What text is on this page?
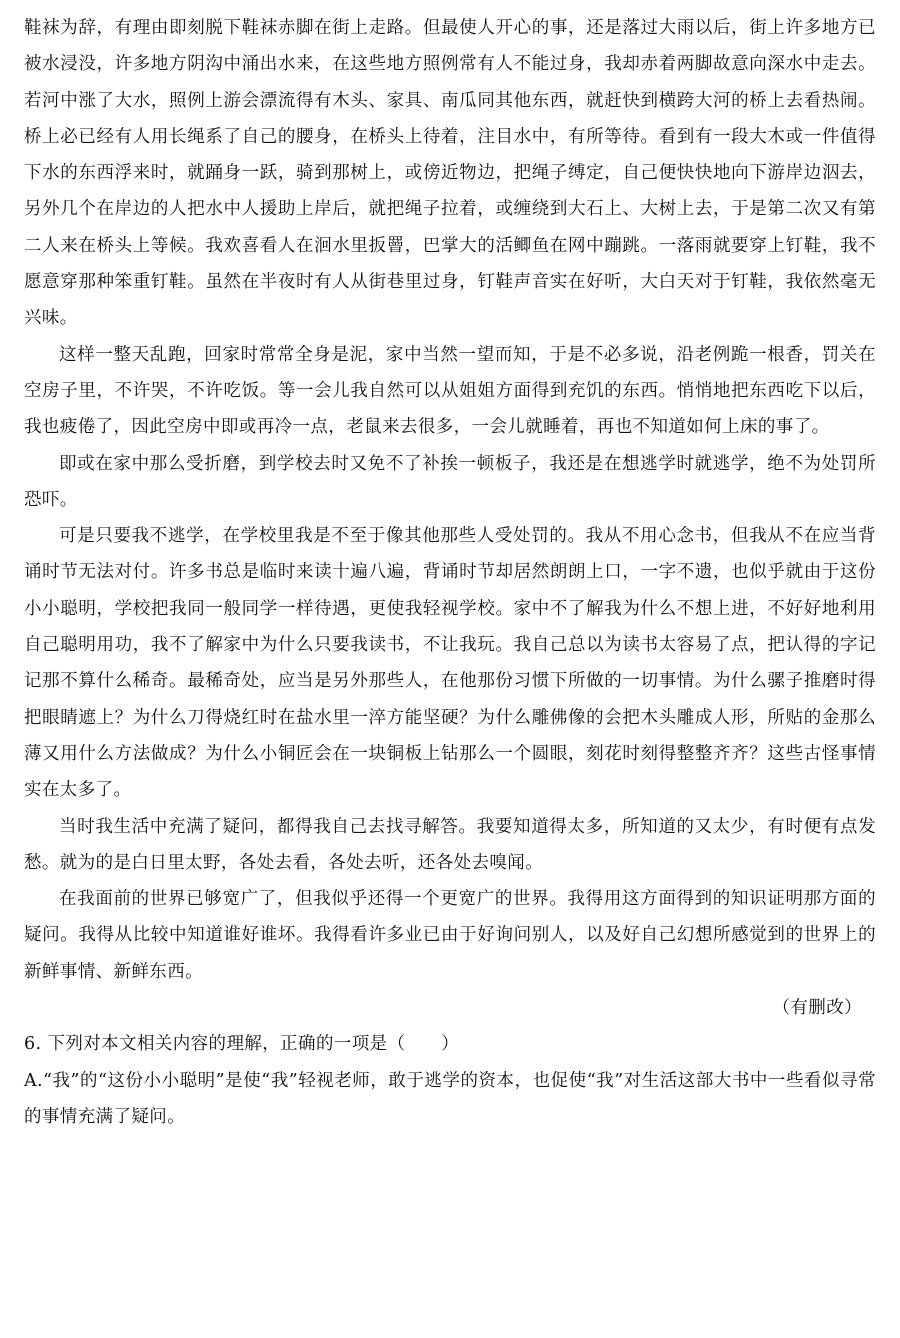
鞋袜为辞，有理由即刻脱下鞋袜赤脚在街上走路。但最使人开心的事，还是落过大雨以后，街上许多地方已被水浸没，许多地方阴沟中涌出水来，在这些地方照例常有人不能过身，我却赤着两脚故意向深水中走去。若河中涨了大水，照例上游会漂流得有木头、家具、南瓜同其他东西，就赶快到横跨大河的桥上去看热闹。桥上必已经有人用长绳系了自己的腰身，在桥头上待着，注目水中，有所等待。看到有一段大木或一件值得下水的东西浮来时，就踊身一跃，骑到那树上，或傍近物边，把绳子缚定，自己便快快地向下游岸边泅去，另外几个在岸边的人把水中人援助上岸后，就把绳子拉着，或缠绕到大石上、大树上去，于是第二次又有第二人来在桥头上等候。我欢喜看人在洄水里扳罾，巴掌大的活鲫鱼在网中蹦跳。一落雨就要穿上钉鞋，我不愿意穿那种笨重钉鞋。虽然在半夜时有人从街巷里过身，钉鞋声音实在好听，大白天对于钉鞋，我依然毫无兴味。

这样一整天乱跑，回家时常常全身是泥，家中当然一望而知，于是不必多说，沿老例跪一根香，罚关在空房子里，不许哭，不许吃饭。等一会儿我自然可以从姐姐方面得到充饥的东西。悄悄地把东西吃下以后，我也疲倦了，因此空房中即或再冷一点，老鼠来去很多，一会儿就睡着，再也不知道如何上床的事了。

即或在家中那么受折磨，到学校去时又免不了补挨一顿板子，我还是在想逃学时就逃学，绝不为处罚所恐吓。

可是只要我不逃学，在学校里我是不至于像其他那些人受处罚的。我从不用心念书，但我从不在应当背诵时节无法对付。许多书总是临时来读十遍八遍，背诵时节却居然朗朗上口，一字不遗，也似乎就由于这份小小聪明，学校把我同一般同学一样待遇，更使我轻视学校。家中不了解我为什么不想上进，不好好地利用自己聪明用功，我不了解家中为什么只要我读书，不让我玩。我自己总以为读书太容易了点，把认得的字记记那不算什么稀奇。最稀奇处，应当是另外那些人，在他那份习惯下所做的一切事情。为什么骡子推磨时得把眼睛遮上？为什么刀得烧红时在盐水里一淬方能坚硬？为什么雕佛像的会把木头雕成人形，所贴的金那么薄又用什么方法做成？为什么小铜匠会在一块铜板上钻那么一个圆眼，刻花时刻得整整齐齐？这些古怪事情实在太多了。

当时我生活中充满了疑问，都得我自己去找寻解答。我要知道得太多，所知道的又太少，有时便有点发愁。就为的是白日里太野，各处去看，各处去听，还各处去嗅闻。

在我面前的世界已够宽广了，但我似乎还得一个更宽广的世界。我得用这方面得到的知识证明那方面的疑问。我得从比较中知道谁好谁坏。我得看许多业已由于好询问别人，以及好自己幻想所感觉到的世界上的新鲜事情、新鲜东西。

（有删改）

6. 下列对本文相关内容的理解，正确的一项是（　　）

A.“我”的“这份小小聪明”是使“我”轻视老师，敢于逃学的资本，也促使“我”对生活这部大书中一些看似寻常的事情充满了疑问。
